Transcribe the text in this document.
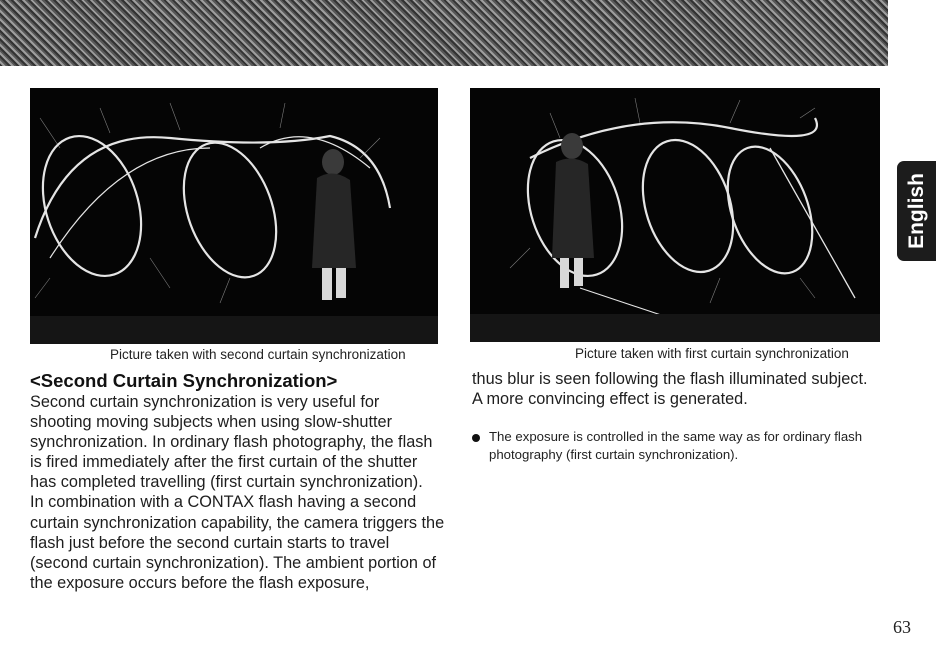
Picture taken with second curtain synchronization	Picture taken with first curtain synchronization
<Second Curtain Synchronization>

Second curtain synchronization is very useful for shooting moving subjects when using slow-shutter synchronization. In ordinary flash photography, the flash is fired immediately after the first curtain of the shutter has completed travelling (first curtain synchronization).

In combination with a CONTAX flash having a second curtain synchronization capability, the camera triggers the flash just before the second curtain starts to travel (second curtain synchronization). The ambient portion of the exposure occurs before the flash exposure,

thus blur is seen following the flash illuminated subject. A more convincing effect is generated.
The exposure is controlled in the same way as for ordinary flash photography (first curtain synchronization).
English
63
